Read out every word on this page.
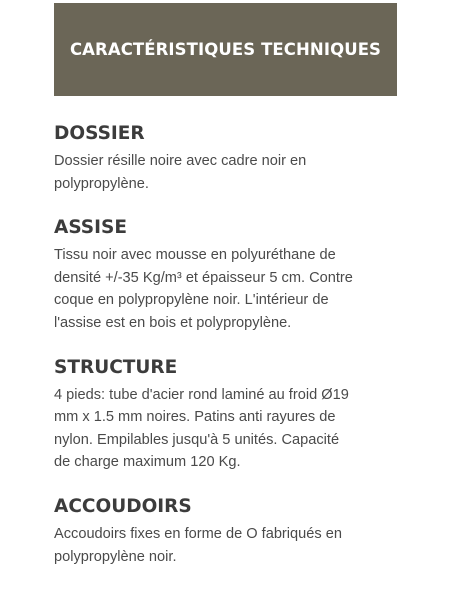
CARACTÉRISTIQUES TECHNIQUES
DOSSIER

Dossier résille noire avec cadre noir en
polypropylène.

ASSISE

Tissu noir avec mousse en polyuréthane de
densité +/-35 Kg/m³ et épaisseur 5 cm. Contre
coque en polypropylène noir. L'intérieur de
l'assise est en bois et polypropylène.

STRUCTURE

4 pieds: tube d'acier rond laminé au froid Ø19
mm x 1.5 mm noires. Patins anti rayures de
nylon. Empilables jusqu'à 5 unités. Capacité
de charge maximum 120 Kg.

ACCOUDOIRS

Accoudoirs fixes en forme de O fabriqués en
polypropylène noir.
